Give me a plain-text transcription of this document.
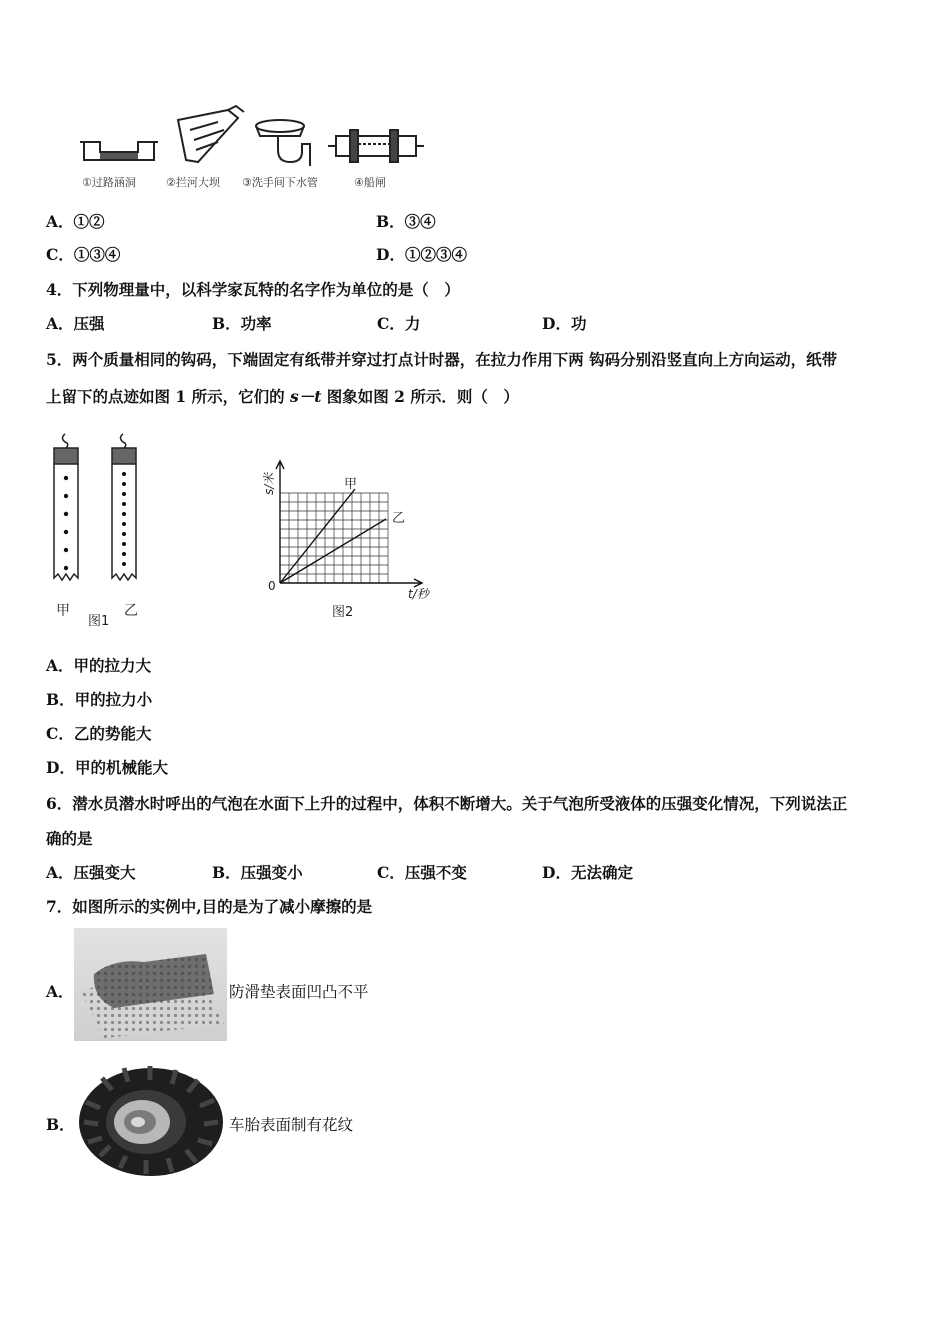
①过路涵洞	②拦河大坝 ③洗手间下水管	④船闸
A．①②	B．③④
C．①③④	D．①②③④
4．下列物理量中，以科学家瓦特的名字作为单位的是（　）
A．压强	B．功率	C．力	D．功
5．两个质量相同的钩码，下端固定有纸带并穿过打点计时器，在拉力作用下两 钩码分别沿竖直向上方向运动，纸带
上留下的点迹如图 1 所示，它们的 s－t 图象如图 2 所示．则（　）
甲	乙
图1
s/米
0
甲
乙
t/秒
图2
A．甲的拉力大
B．甲的拉力小
C．乙的势能大
D．甲的机械能大
6．潜水员潜水时呼出的气泡在水面下上升的过程中，体积不断增大。关于气泡所受液体的压强变化情况，下列说法正
确的是
A．压强变大	B．压强变小	C．压强不变	D．无法确定
7．如图所示的实例中,目的是为了减小摩擦的是
A．	防滑垫表面凹凸不平
B．	车胎表面制有花纹
